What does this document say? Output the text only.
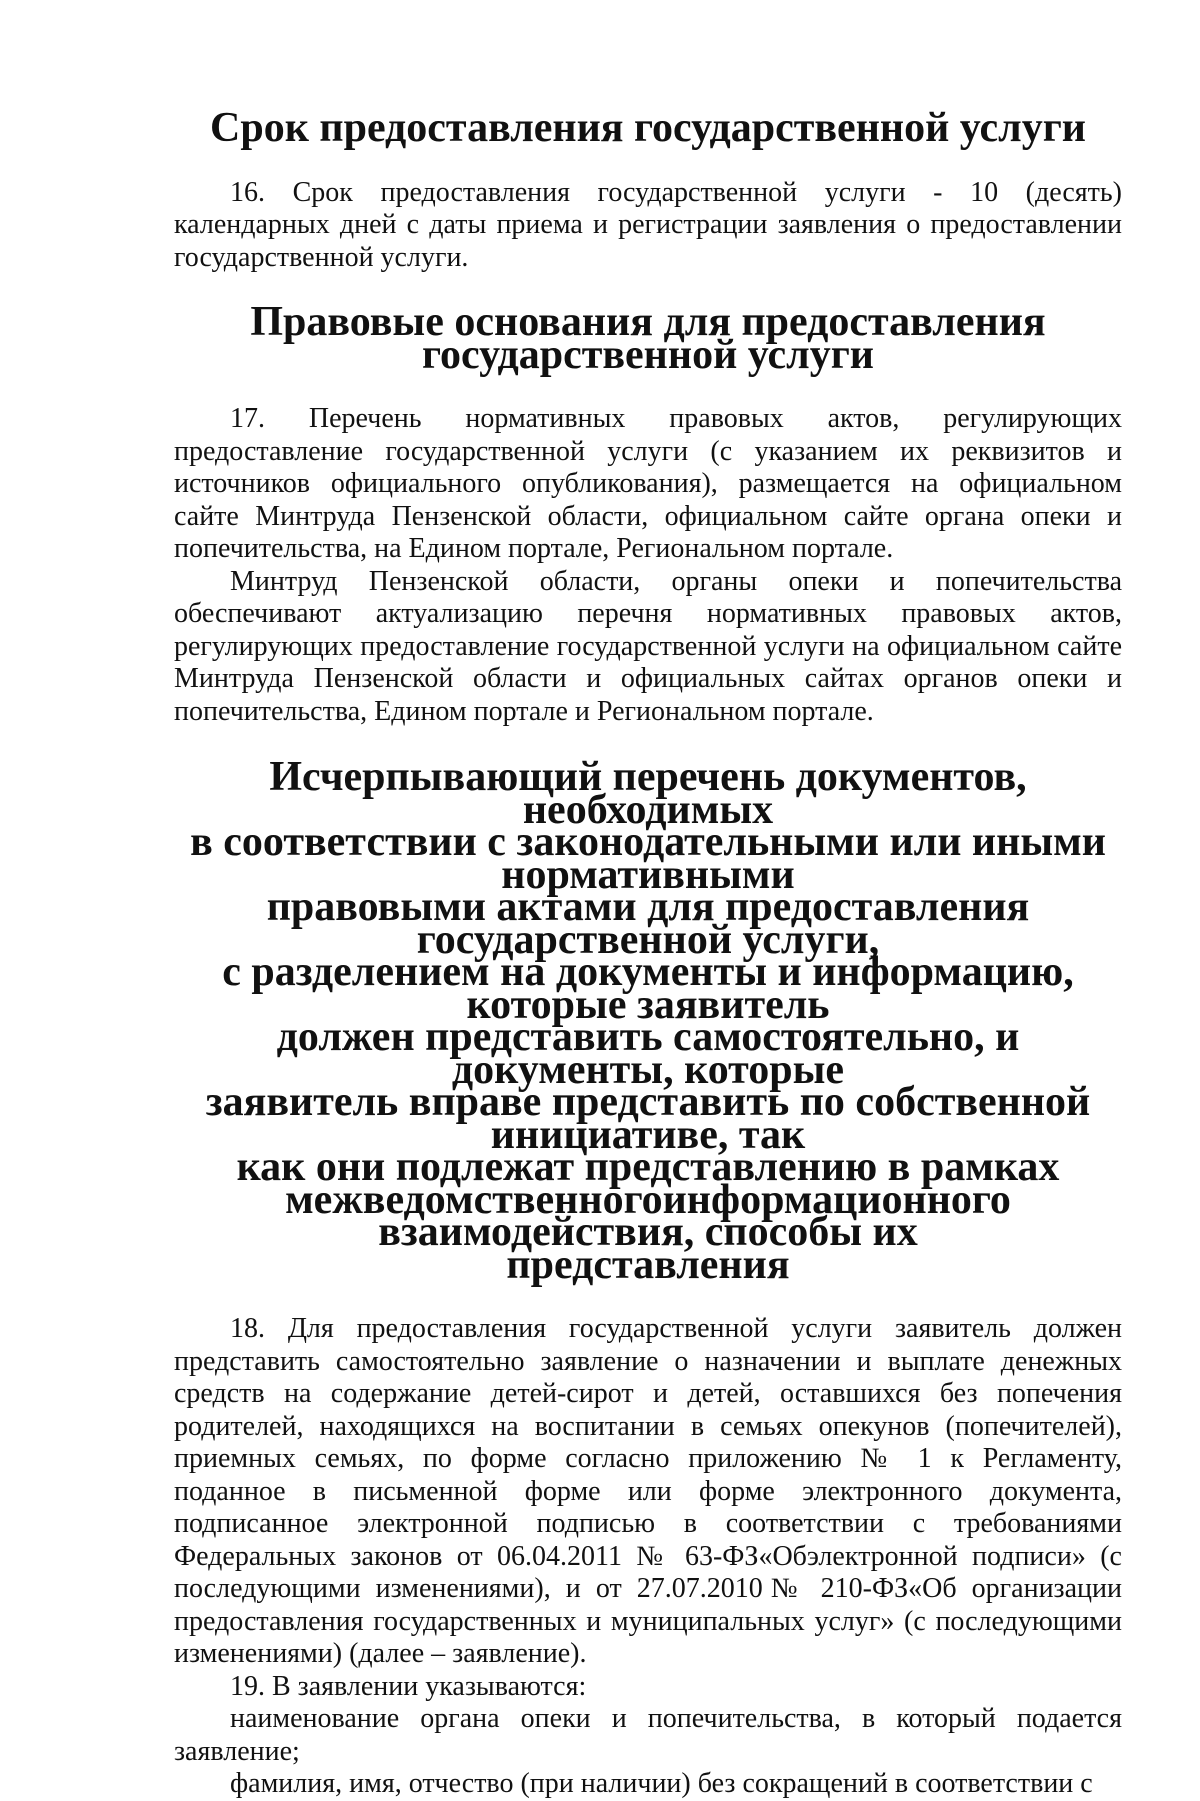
Срок предоставления государственной услуги

16. Срок предоставления государственной услуги - 10 (десять) календарных дней с даты приема и регистрации заявления о предоставлении государственной услуги.

Правовые основания для предоставления
государственной услуги

17. Перечень нормативных правовых актов, регулирующих предоставление государственной услуги (с указанием их реквизитов и источников официального опубликования), размещается на официальном сайте Минтруда Пензенской области, официальном сайте органа опеки и попечительства, на Едином портале, Региональном портале.

Минтруд Пензенской области, органы опеки и попечительства обеспечивают актуализацию перечня нормативных правовых актов, регулирующих предоставление государственной услуги на официальном сайте Минтруда Пензенской области и официальных сайтах органов опеки и попечительства, Едином портале и Региональном портале.

Исчерпывающий перечень документов, необходимых
в соответствии с законодательными или иными нормативными
правовыми актами для предоставления государственной услуги,
с разделением на документы и информацию, которые заявитель
должен представить самостоятельно, и документы, которые
заявитель вправе представить по собственной инициативе, так
как они подлежат представлению в рамках
межведомственногоинформационного взаимодействия, способы их
представления

18. Для предоставления государственной услуги заявитель должен представить самостоятельно заявление о назначении и выплате денежных средств на содержание детей-сирот и детей, оставшихся без попечения родителей, находящихся на воспитании в семьях опекунов (попечителей), приемных семьях, по форме согласно приложению № 1 к Регламенту, поданное в письменной форме или форме электронного документа, подписанное электронной подписью в соответствии с требованиями Федеральных законов от 06.04.2011 № 63-ФЗ«Обэлектронной подписи» (с последующими изменениями), и от 27.07.2010№ 210-ФЗ«Об организации предоставления государственных и муниципальных услуг» (с последующими изменениями) (далее – заявление).

19. В заявлении указываются:

наименование органа опеки и попечительства, в который подается заявление;

фамилия, имя, отчество (при наличии) без сокращений в соответствии с
